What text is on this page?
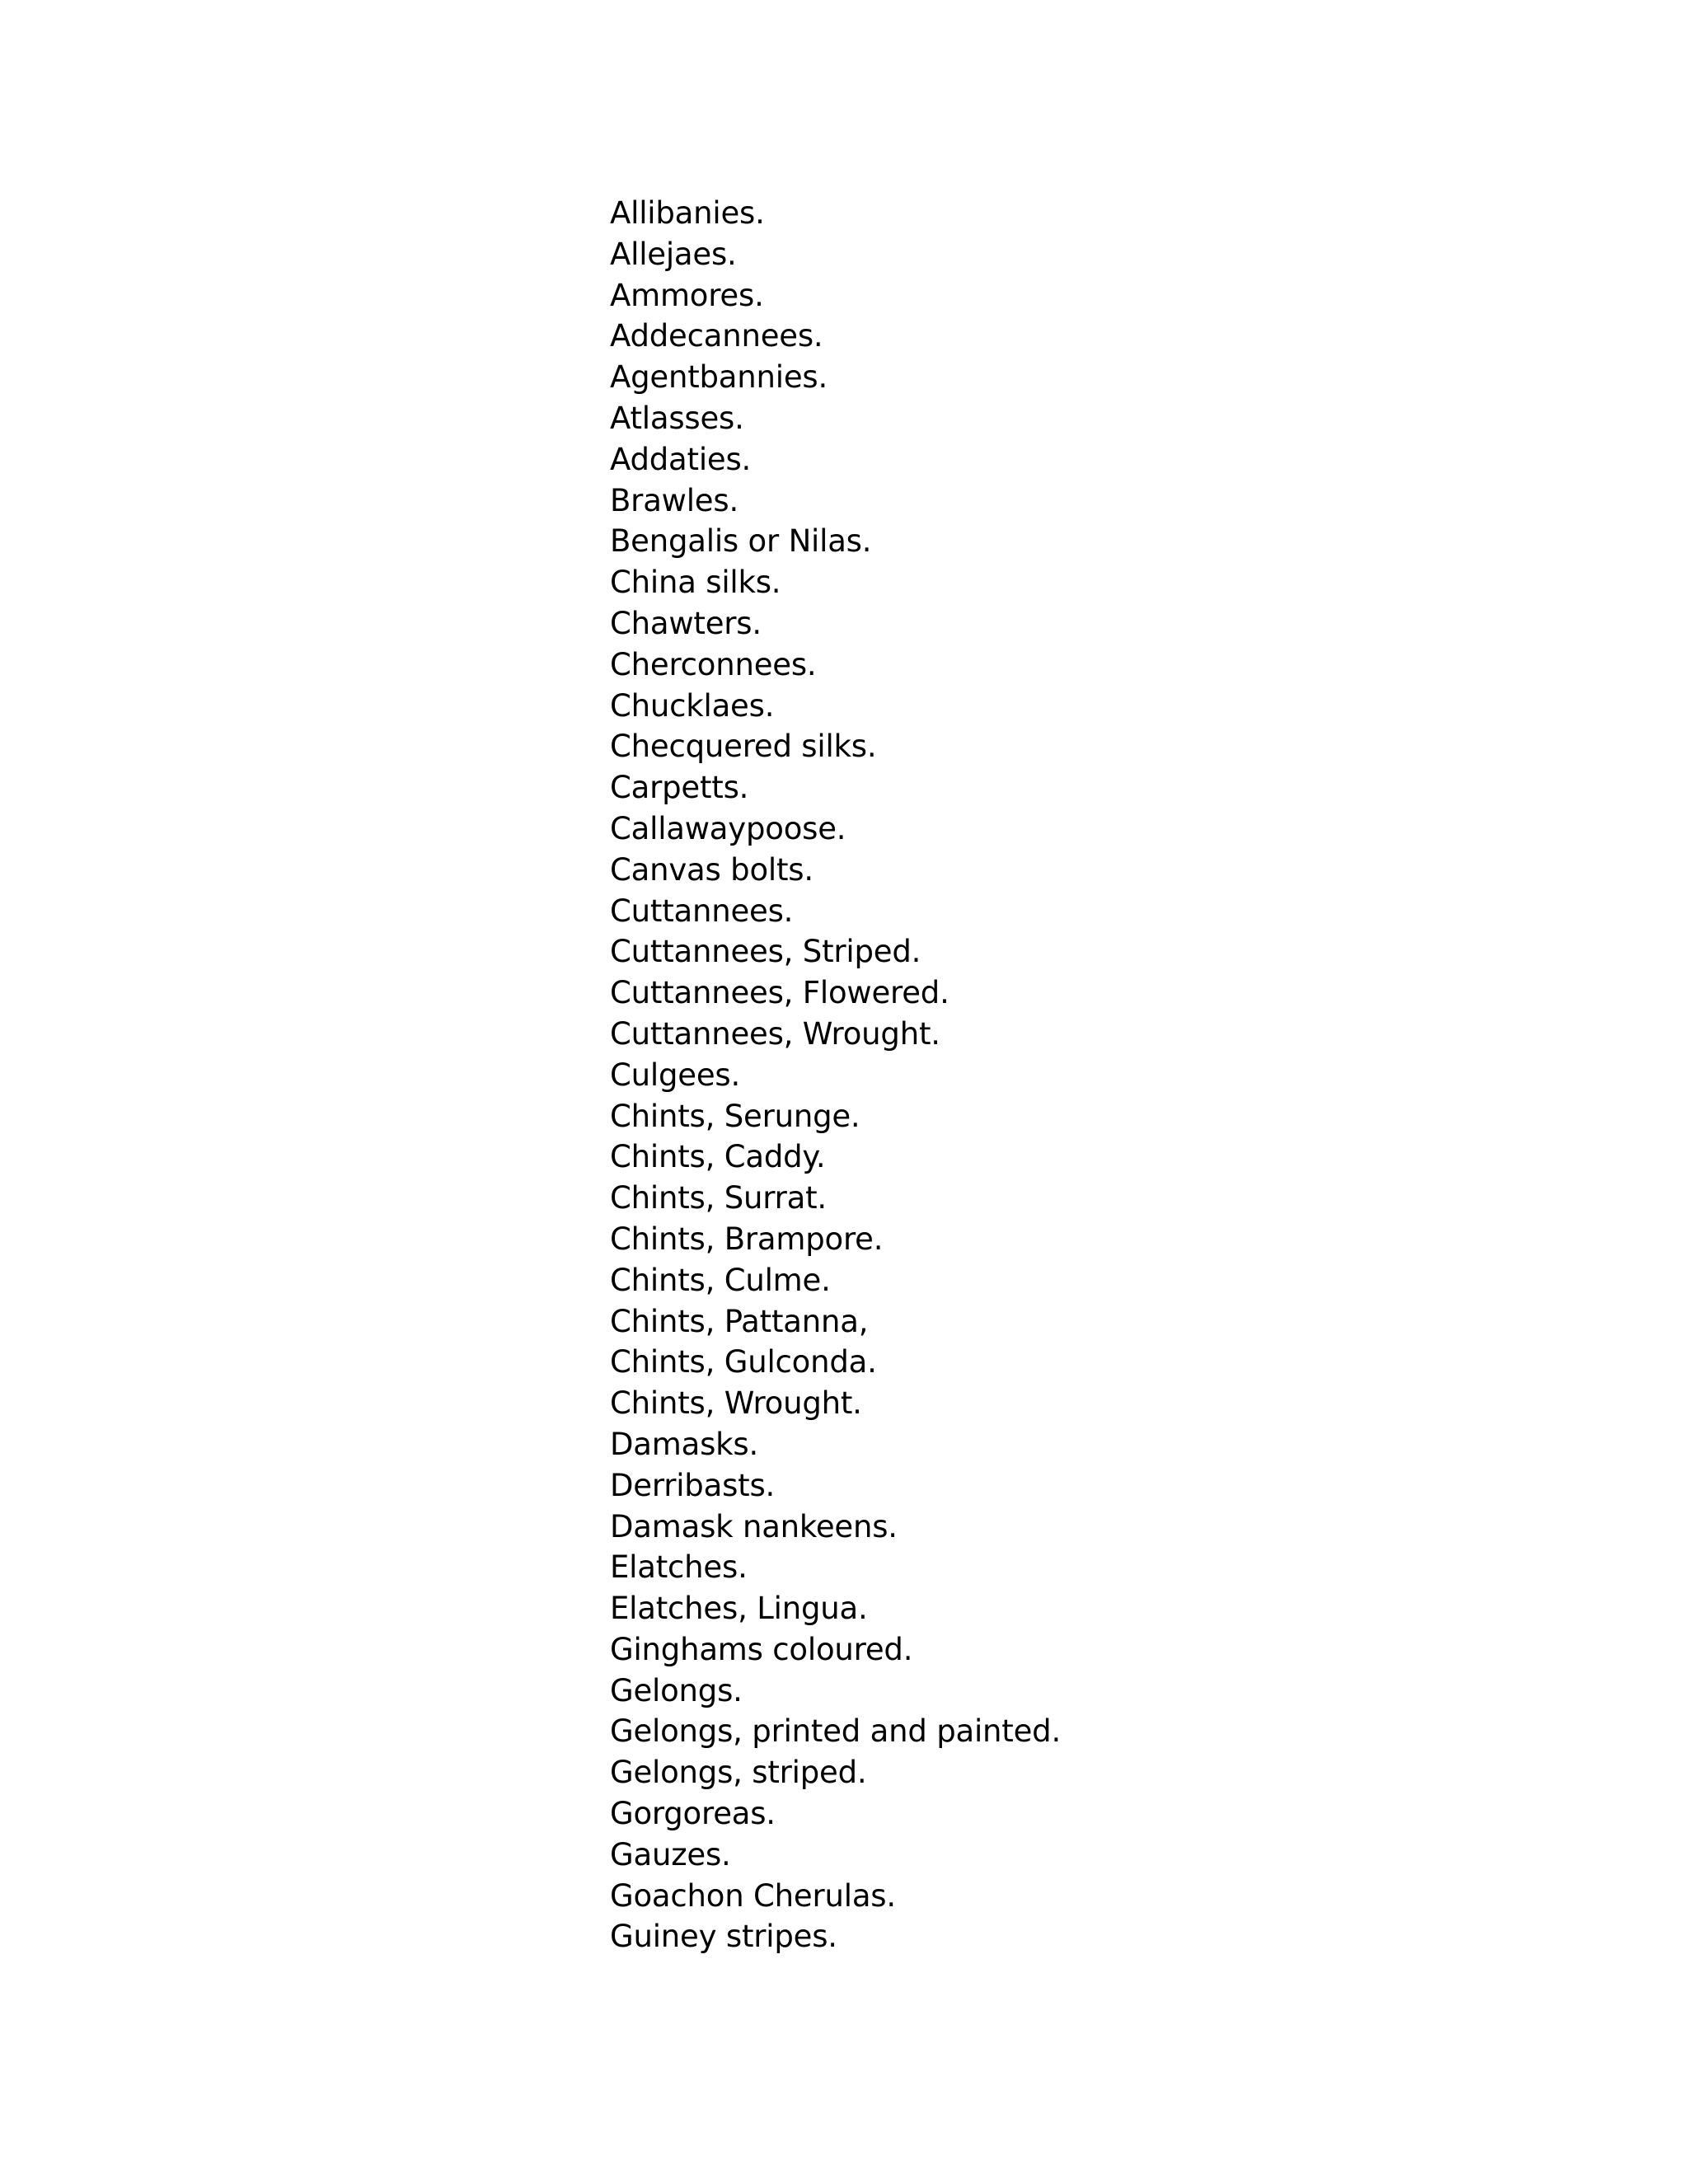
Allibanies.
Allejaes.
Ammores.
Addecannees.
Agentbannies.
Atlasses.
Addaties.
Brawles.
Bengalis or Nilas.
China silks.
Chawters.
Cherconnees.
Chucklaes.
Checquered silks.
Carpetts.
Callawaypoose.
Canvas bolts.
Cuttannees.
Cuttannees, Striped.
Cuttannees, Flowered.
Cuttannees, Wrought.
Culgees.
Chints, Serunge.
Chints, Caddy.
Chints, Surrat.
Chints, Brampore.
Chints, Culme.
Chints, Pattanna,
Chints, Gulconda.
Chints, Wrought.
Damasks.
Derribasts.
Damask nankeens.
Elatches.
Elatches, Lingua.
Ginghams coloured.
Gelongs.
Gelongs, printed and painted.
Gelongs, striped.
Gorgoreas.
Gauzes.
Goachon Cherulas.
Guiney stripes.
